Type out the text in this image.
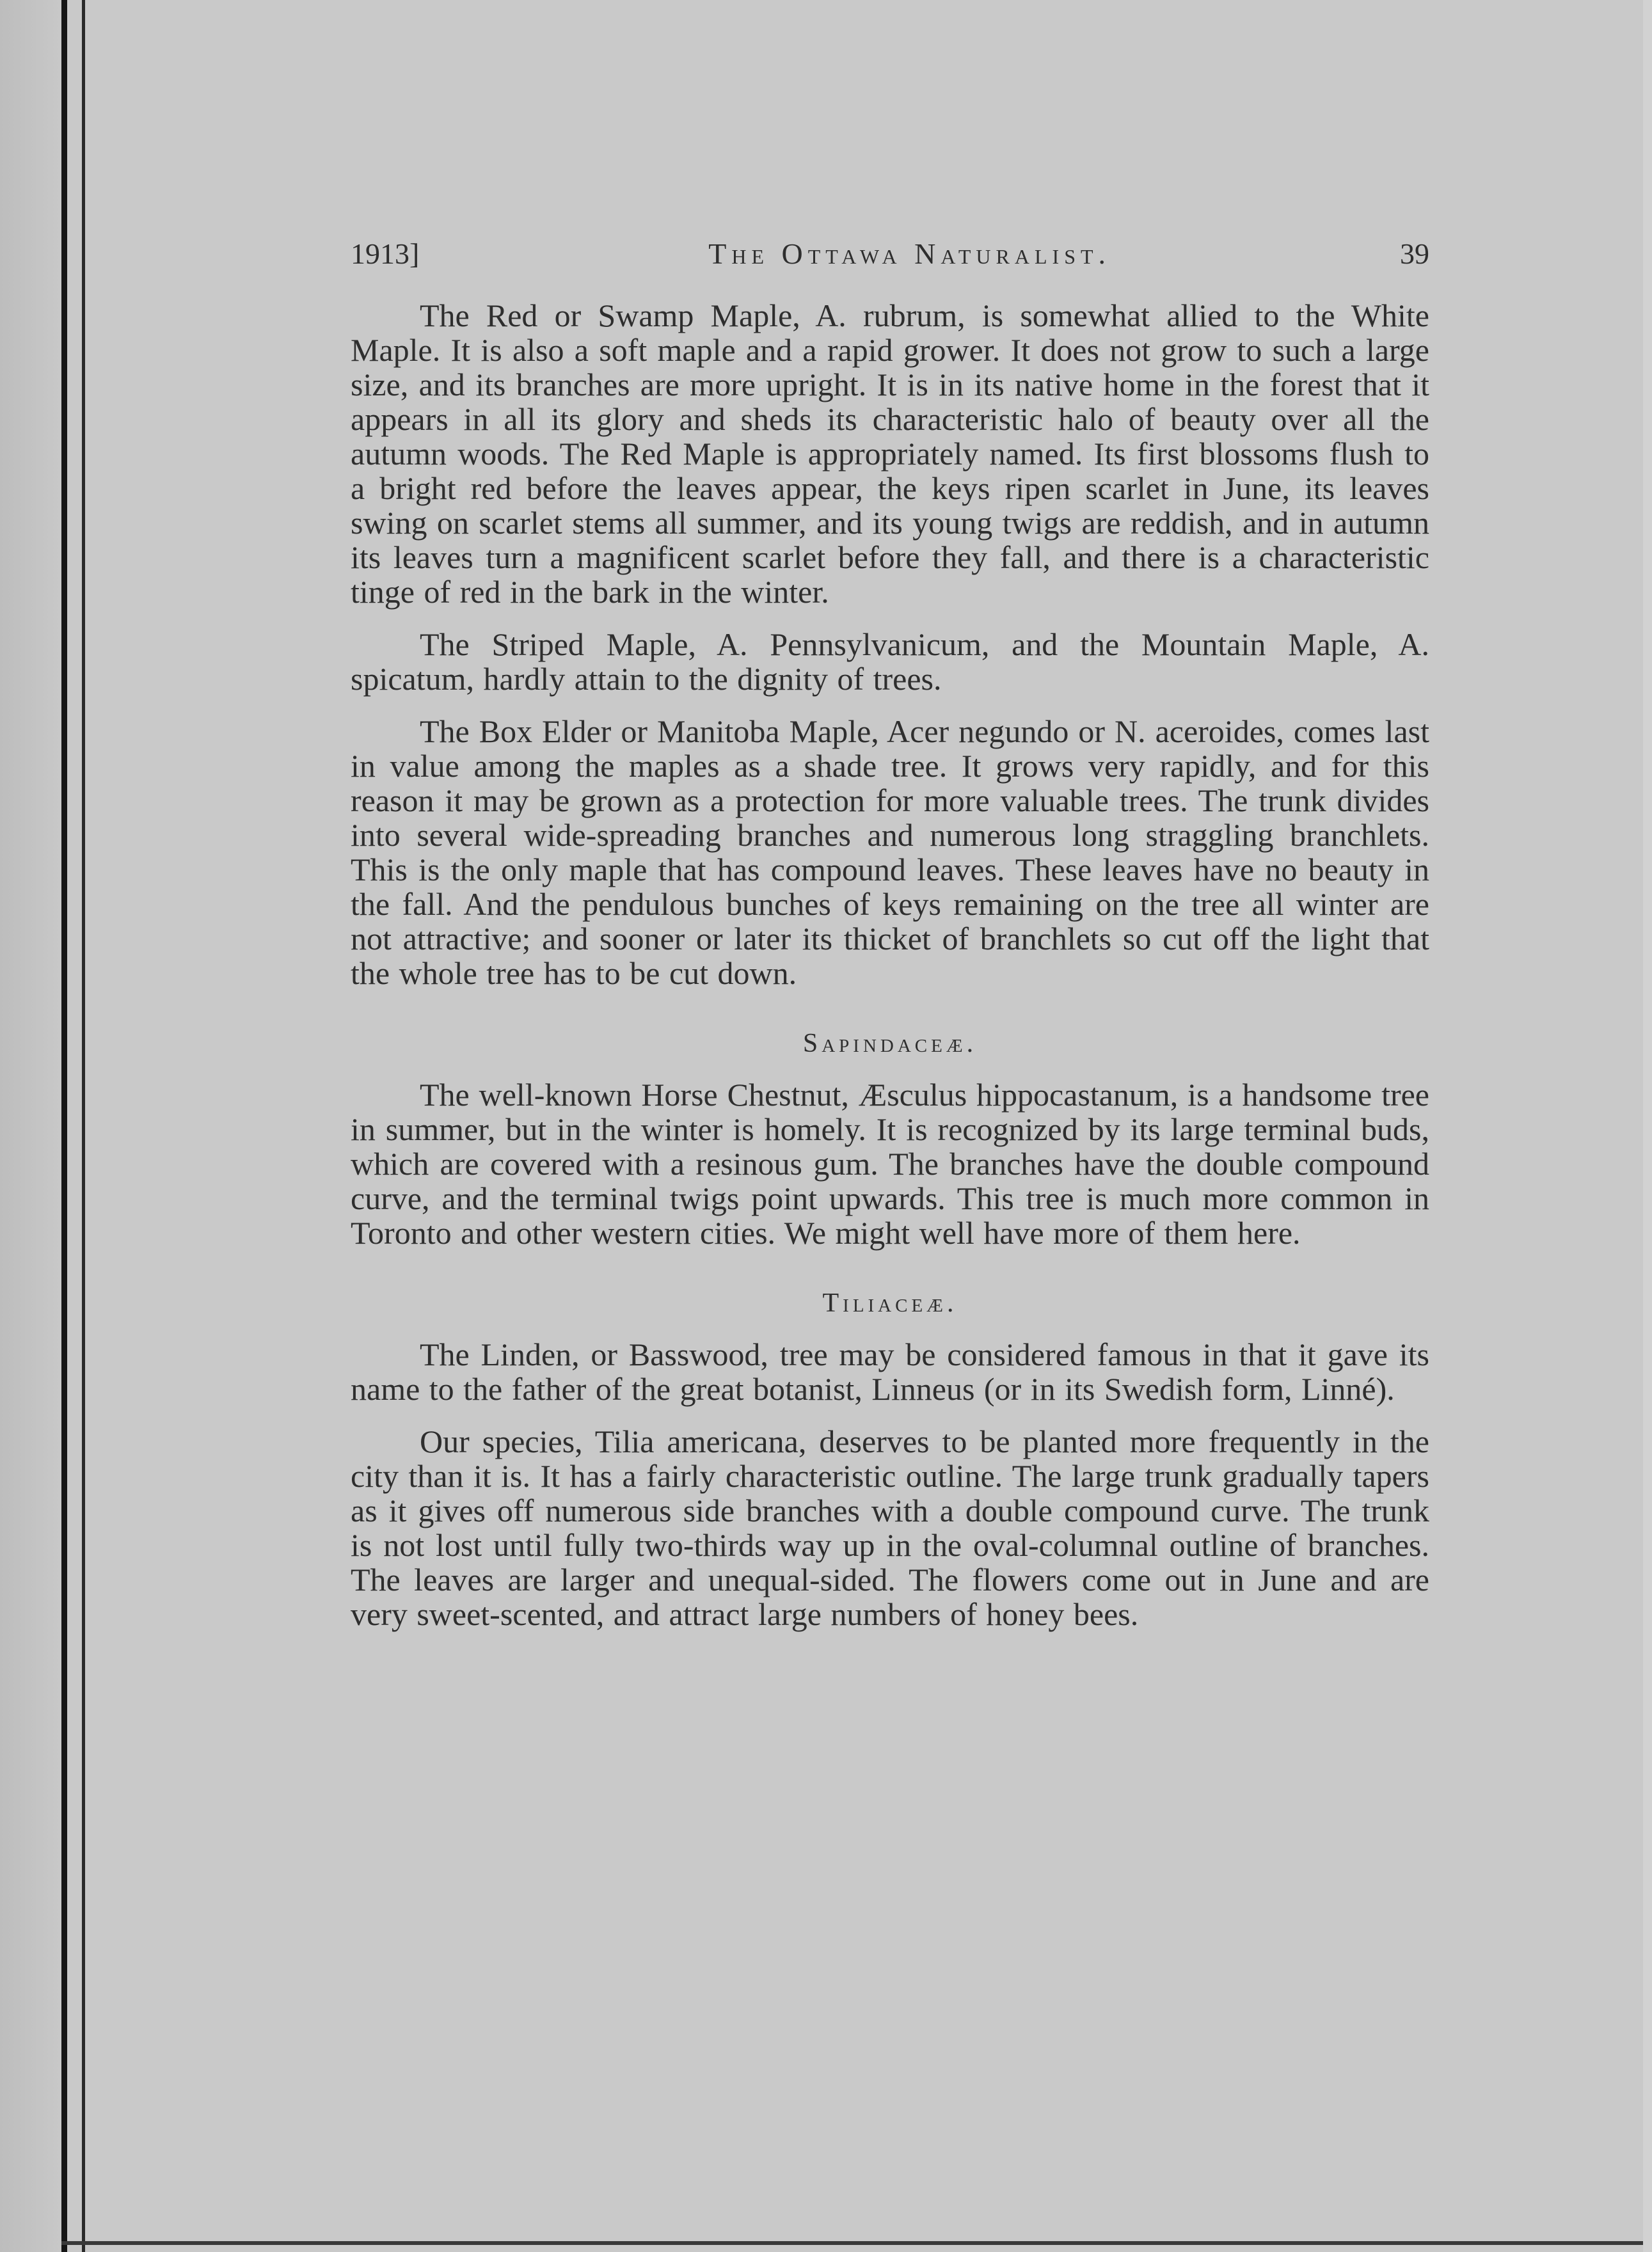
1913]	The Ottawa Naturalist.	39

The Red or Swamp Maple, A. rubrum, is somewhat allied to the White Maple. It is also a soft maple and a rapid grower. It does not grow to such a large size, and its branches are more upright. It is in its native home in the forest that it appears in all its glory and sheds its characteristic halo of beauty over all the autumn woods. The Red Maple is appropriately named. Its first blossoms flush to a bright red before the leaves appear, the keys ripen scarlet in June, its leaves swing on scarlet stems all summer, and its young twigs are reddish, and in autumn its leaves turn a magnificent scarlet before they fall, and there is a characteristic tinge of red in the bark in the winter.

The Striped Maple, A. Pennsylvanicum, and the Mountain Maple, A. spicatum, hardly attain to the dignity of trees.

The Box Elder or Manitoba Maple, Acer negundo or N. aceroides, comes last in value among the maples as a shade tree. It grows very rapidly, and for this reason it may be grown as a protection for more valuable trees. The trunk divides into several wide-spreading branches and numerous long straggling branchlets. This is the only maple that has compound leaves. These leaves have no beauty in the fall. And the pendulous bunches of keys remaining on the tree all winter are not attractive; and sooner or later its thicket of branchlets so cut off the light that the whole tree has to be cut down.

Sapindaceæ.

The well-known Horse Chestnut, Æsculus hippocastanum, is a handsome tree in summer, but in the winter is homely. It is recognized by its large terminal buds, which are covered with a resinous gum. The branches have the double compound curve, and the terminal twigs point upwards. This tree is much more common in Toronto and other western cities. We might well have more of them here.

Tiliaceæ.

The Linden, or Basswood, tree may be considered famous in that it gave its name to the father of the great botanist, Linneus (or in its Swedish form, Linné).

Our species, Tilia americana, deserves to be planted more frequently in the city than it is. It has a fairly characteristic outline. The large trunk gradually tapers as it gives off numerous side branches with a double compound curve. The trunk is not lost until fully two-thirds way up in the oval-columnal outline of branches. The leaves are larger and unequal-sided. The flowers come out in June and are very sweet-scented, and attract large numbers of honey bees.
